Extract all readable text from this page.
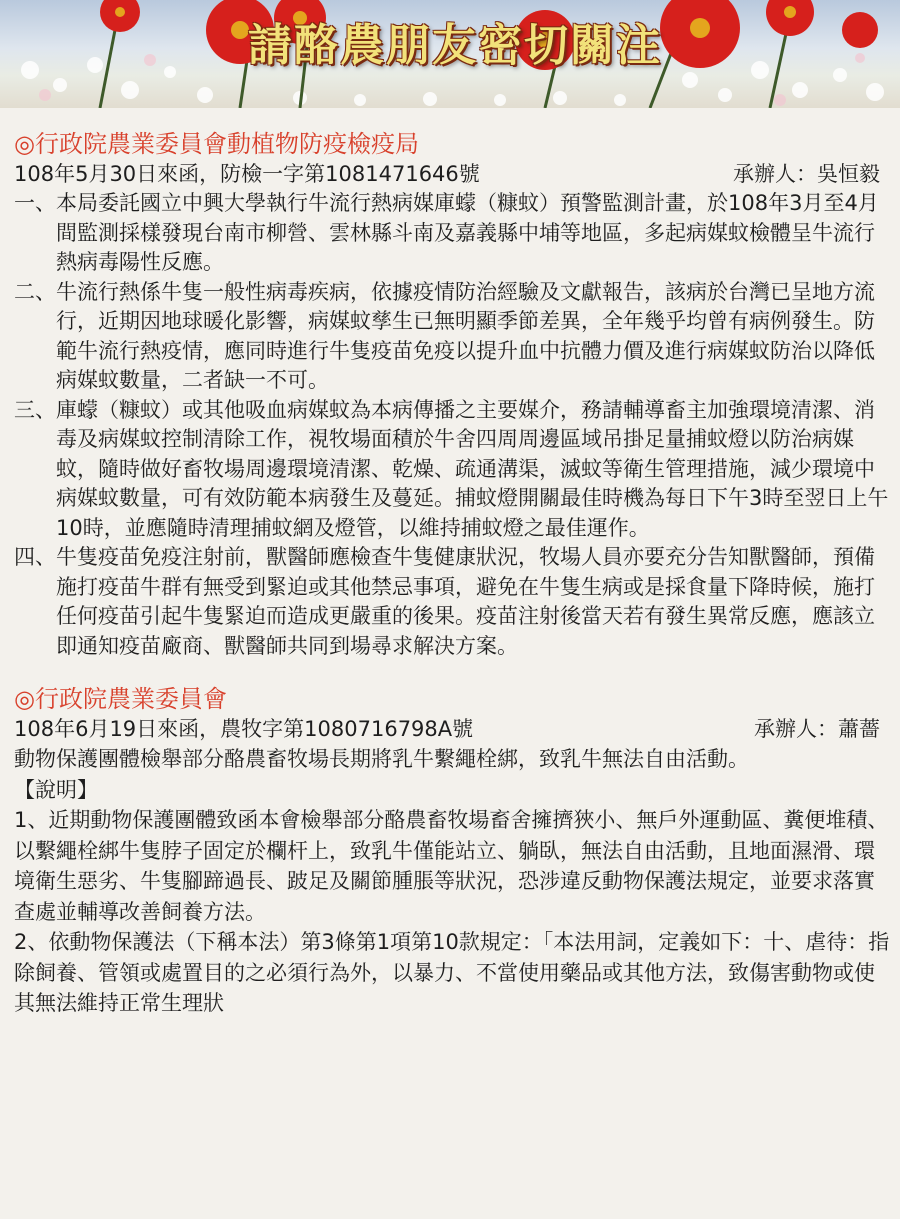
請酪農朋友密切關注
◎行政院農業委員會動植物防疫檢疫局
108年5月30日來函，防檢一字第1081471646號	承辦人：吳恒毅
一、 本局委託國立中興大學執行牛流行熱病媒庫蠓（糠蚊）預警監測計畫，於108年3月至4月間監測採樣發現台南市柳營、雲林縣斗南及嘉義縣中埔等地區，多起病媒蚊檢體呈牛流行熱病毒陽性反應。
二、 牛流行熱係牛隻一般性病毒疾病，依據疫情防治經驗及文獻報告，該病於台灣已呈地方流行，近期因地球暖化影響，病媒蚊孳生已無明顯季節差異，全年幾乎均曾有病例發生。防範牛流行熱疫情，應同時進行牛隻疫苗免疫以提升血中抗體力價及進行病媒蚊防治以降低病媒蚊數量，二者缺一不可。
三、 庫蠓（糠蚊）或其他吸血病媒蚊為本病傳播之主要媒介，務請輔導畜主加強環境清潔、消毒及病媒蚊控制清除工作，視牧場面積於牛舍四周周邊區域吊掛足量捕蚊燈以防治病媒蚊，隨時做好畜牧場周邊環境清潔、乾燥、疏通溝渠，滅蚊等衛生管理措施，減少環境中病媒蚊數量，可有效防範本病發生及蔓延。捕蚊燈開關最佳時機為每日下午3時至翌日上午10時，並應隨時清理捕蚊網及燈管，以維持捕蚊燈之最佳運作。
四、 牛隻疫苗免疫注射前，獸醫師應檢查牛隻健康狀況，牧場人員亦要充分告知獸醫師，預備施打疫苗牛群有無受到緊迫或其他禁忌事項，避免在牛隻生病或是採食量下降時候，施打任何疫苗引起牛隻緊迫而造成更嚴重的後果。疫苗注射後當天若有發生異常反應，應該立即通知疫苗廠商、獸醫師共同到場尋求解決方案。
◎行政院農業委員會
108年6月19日來函，農牧字第1080716798A號	承辦人：蕭薔

動物保護團體檢舉部分酪農畜牧場長期將乳牛繫繩栓綁，致乳牛無法自由活動。

【說明】

1、近期動物保護團體致函本會檢舉部分酪農畜牧場畜舍擁擠狹小、無戶外運動區、糞便堆積、以繫繩栓綁牛隻脖子固定於欄杆上，致乳牛僅能站立、躺臥，無法自由活動，且地面濕滑、環境衛生惡劣、牛隻腳蹄過長、跛足及關節腫脹等狀況，恐涉違反動物保護法規定，並要求落實查處並輔導改善飼養方法。

2、依動物保護法（下稱本法）第3條第1項第10款規定：「本法用詞，定義如下：十、虐待：指除飼養、管領或處置目的之必須行為外，以暴力、不當使用藥品或其他方法，致傷害動物或使其無法維持正常生理狀
